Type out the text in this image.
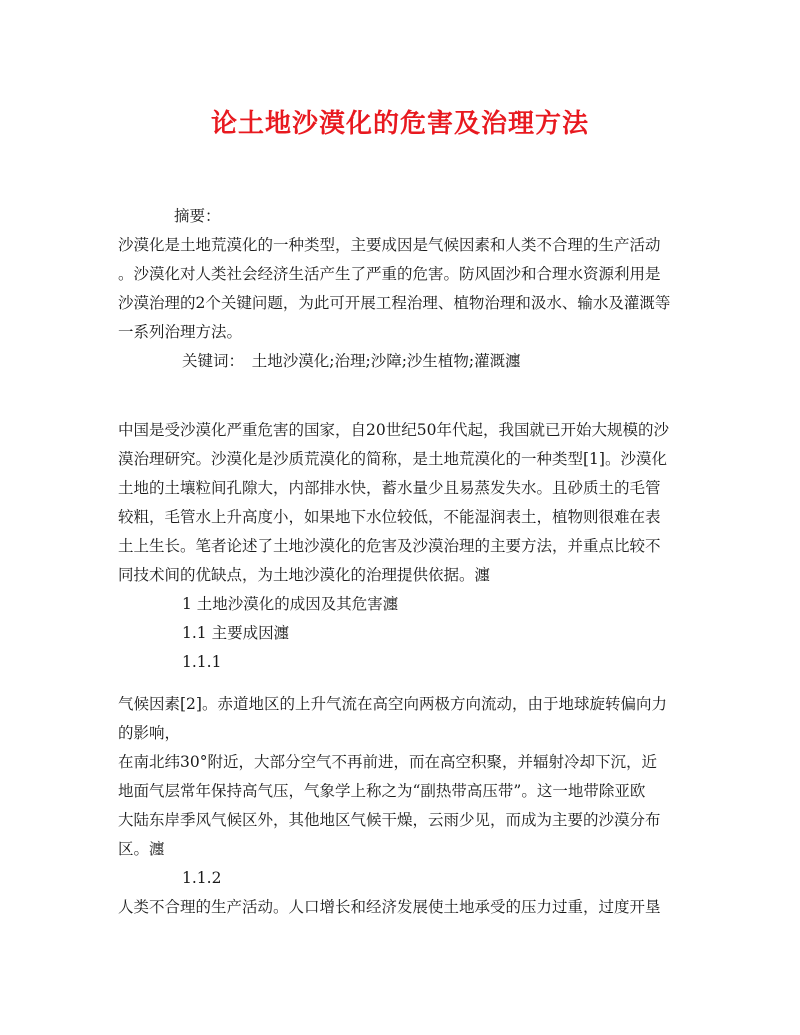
论土地沙漠化的危害及治理方法
摘要：
沙漠化是土地荒漠化的一种类型，主要成因是气候因素和人类不合理的生产活动
。沙漠化对人类社会经济生活产生了严重的危害。防风固沙和合理水资源利用是
沙漠治理的2个关键问题，为此可开展工程治理、植物治理和汲水、输水及灌溉等
一系列治理方法。
关键词：　土地沙漠化;治理;沙障;沙生植物;灌溉瀍
中国是受沙漠化严重危害的国家，自20世纪50年代起，我国就已开始大规模的沙
漠治理研究。沙漠化是沙质荒漠化的简称，是土地荒漠化的一种类型[1]。沙漠化
土地的土壤粒间孔隙大，内部排水快，蓄水量少且易蒸发失水。且砂质土的毛管
较粗，毛管水上升高度小，如果地下水位较低，不能湿润表土，植物则很难在表
土上生长。笔者论述了土地沙漠化的危害及沙漠治理的主要方法，并重点比较不
同技术间的优缺点，为土地沙漠化的治理提供依据。瀍
1 土地沙漠化的成因及其危害瀍
1.1 主要成因瀍
1.1.1
气候因素[2]。赤道地区的上升气流在高空向两极方向流动，由于地球旋转偏向力
的影响，
在南北纬30°附近，大部分空气不再前进，而在高空积聚，并辐射冷却下沉，近
地面气层常年保持高气压，气象学上称之为“副热带高压带”。这一地带除亚欧
大陆东岸季风气候区外，其他地区气候干燥，云雨少见，而成为主要的沙漠分布
区。瀍
1.1.2
人类不合理的生产活动。人口增长和经济发展使土地承受的压力过重，过度开垦
